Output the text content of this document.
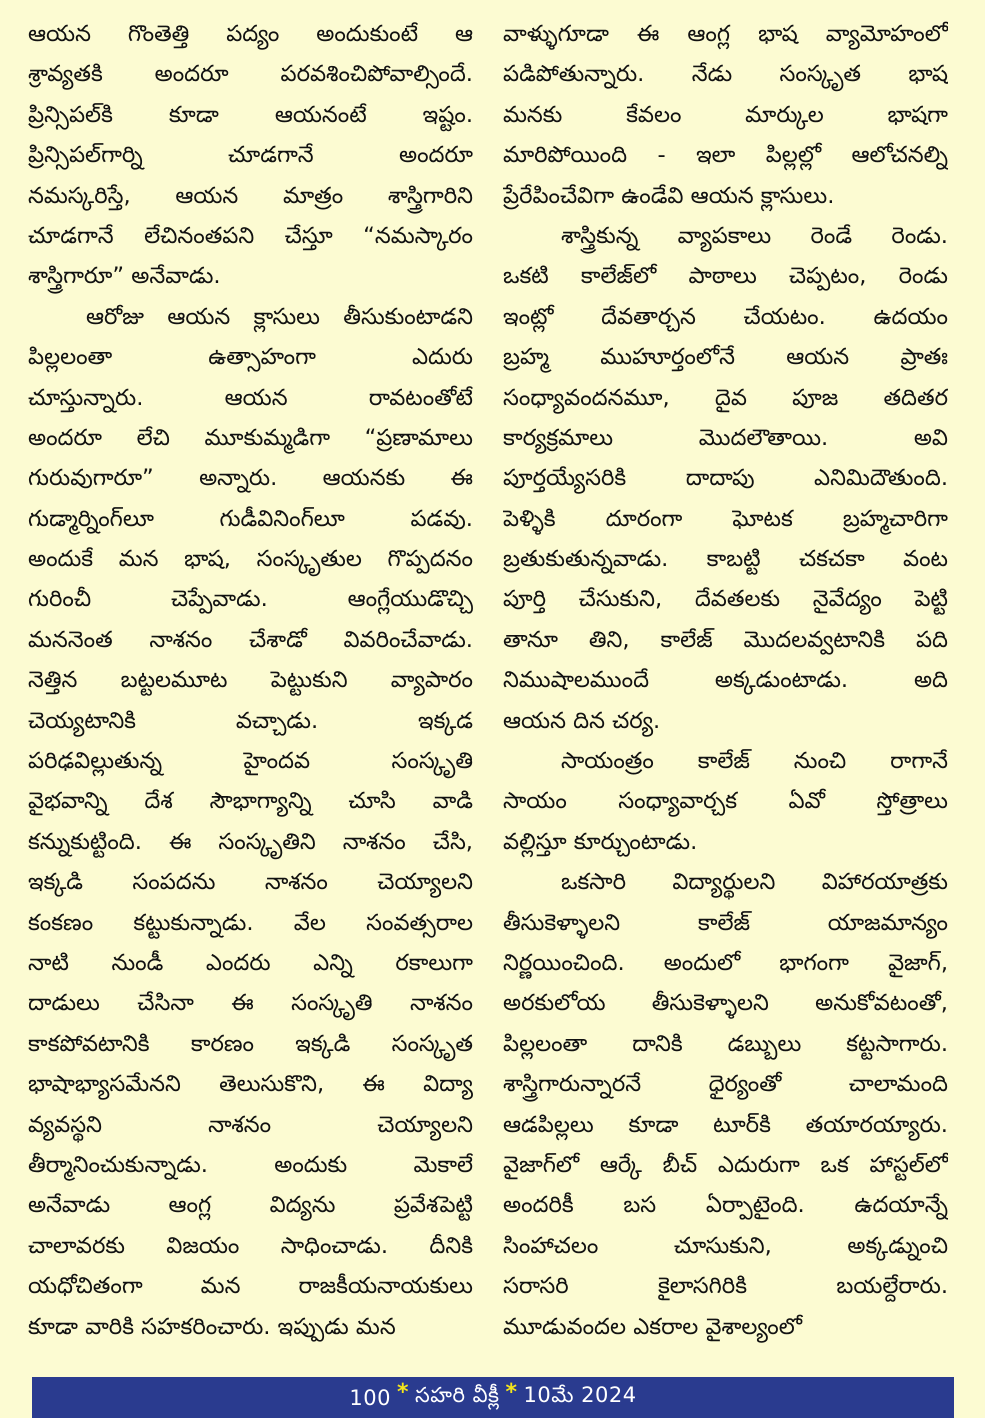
ఆయన గొంతెత్తి పద్యం అందుకుంటే ఆ
శ్రావ్యతకి అందరూ పరవశించిపోవాల్సిందే.
ప్రిన్సిపల్‌కి కూడా ఆయనంటే ఇష్టం.
ప్రిన్సిపల్‌గార్ని చూడగానే అందరూ
నమస్కరిస్తే, ఆయన మాత్రం శాస్త్రిగారిని
చూడగానే లేచినంతపని చేస్తూ “నమస్కారం
శాస్త్రిగారూ” అనేవాడు.
ఆరోజు ఆయన క్లాసులు తీసుకుంటాడని
పిల్లలంతా ఉత్సాహంగా ఎదురు
చూస్తున్నారు. ఆయన రావటంతోటే
అందరూ లేచి మూకుమ్మడిగా “ప్రణామాలు
గురువుగారూ” అన్నారు. ఆయనకు ఈ
గుడ్మార్నింగ్‌లూ గుడీవినింగ్‌లూ పడవు.
అందుకే మన భాష, సంస్కృతుల గొప్పదనం
గురించీ చెప్పేవాడు. ఆంగ్లేయుడొచ్చి
మననెంత నాశనం చేశాడో వివరించేవాడు.
నెత్తిన బట్టలమూట పెట్టుకుని వ్యాపారం
చెయ్యటానికి వచ్చాడు. ఇక్కడ
పరిఢవిల్లుతున్న హైందవ సంస్కృతి
వైభవాన్ని దేశ సౌభాగ్యాన్ని చూసి వాడి
కన్నుకుట్టింది. ఈ సంస్కృతిని నాశనం చేసి,
ఇక్కడి సంపదను నాశనం చెయ్యాలని
కంకణం కట్టుకున్నాడు. వేల సంవత్సరాల
నాటి నుండీ ఎందరు ఎన్ని రకాలుగా
దాడులు చేసినా ఈ సంస్కృతి నాశనం
కాకపోవటానికి కారణం ఇక్కడి సంస్కృత
భాషాభ్యాసమేనని తెలుసుకొని, ఈ విద్యా
వ్యవస్థని నాశనం చెయ్యాలని
తీర్మానించుకున్నాడు. అందుకు మెకాలే
అనేవాడు ఆంగ్ల విద్యను ప్రవేశపెట్టి
చాలావరకు విజయం సాధించాడు. దీనికి
యధోచితంగా మన రాజకీయనాయకులు
కూడా వారికి సహకరించారు. ఇప్పుడు మన
వాళ్ళుగూడా ఈ ఆంగ్ల భాష వ్యామోహంలో
పడిపోతున్నారు. నేడు సంస్కృత భాష
మనకు కేవలం మార్కుల భాషగా
మారిపోయింది - ఇలా పిల్లల్లో ఆలోచనల్ని
ప్రేరేపించేవిగా ఉండేవి ఆయన క్లాసులు.
శాస్త్రికున్న వ్యాపకాలు రెండే రెండు.
ఒకటి కాలేజ్‌లో పాఠాలు చెప్పటం, రెండు
ఇంట్లో దేవతార్చన చేయటం. ఉదయం
బ్రహ్మ ముహూర్తంలోనే ఆయన ప్రాతః
సంధ్యావందనమూ, దైవ పూజ తదితర
కార్యక్రమాలు మొదలౌతాయి. అవి
పూర్తయ్యేసరికి దాదాపు ఎనిమిదౌతుంది.
పెళ్ళికి దూరంగా ఘోటక బ్రహ్మచారిగా
బ్రతుకుతున్నవాడు. కాబట్టి చకచకా వంట
పూర్తి చేసుకుని, దేవతలకు నైవేద్యం పెట్టి
తానూ తిని, కాలేజ్ మొదలవ్వటానికి పది
నిముషాలముందే అక్కడుంటాడు. అది
ఆయన దిన చర్య.
సాయంత్రం కాలేజ్ నుంచి రాగానే
సాయం సంధ్యావార్చక ఏవో స్తోత్రాలు
వల్లిస్తూ కూర్చుంటాడు.
ఒకసారి విద్యార్థులని విహారయాత్రకు
తీసుకెళ్ళాలని కాలేజ్ యాజమాన్యం
నిర్ణయించింది. అందులో భాగంగా వైజాగ్,
అరకులోయ తీసుకెళ్ళాలని అనుకోవటంతో,
పిల్లలంతా దానికి డబ్బులు కట్టసాగారు.
శాస్త్రిగారున్నారనే ధైర్యంతో చాలామంది
ఆడపిల్లలు కూడా టూర్‌కి తయారయ్యారు.
వైజాగ్‌లో ఆర్కే బీచ్ ఎదురుగా ఒక హాస్టల్‌లో
అందరికీ బస ఏర్పాటైంది. ఉదయాన్నే
సింహాచలం చూసుకుని, అక్కడ్నుంచి
సరాసరి కైలాసగిరికి బయల్దేరారు.
మూడువందల ఎకరాల వైశాల్యంలో
100 * సహరి వీక్లీ * 10మే 2024
